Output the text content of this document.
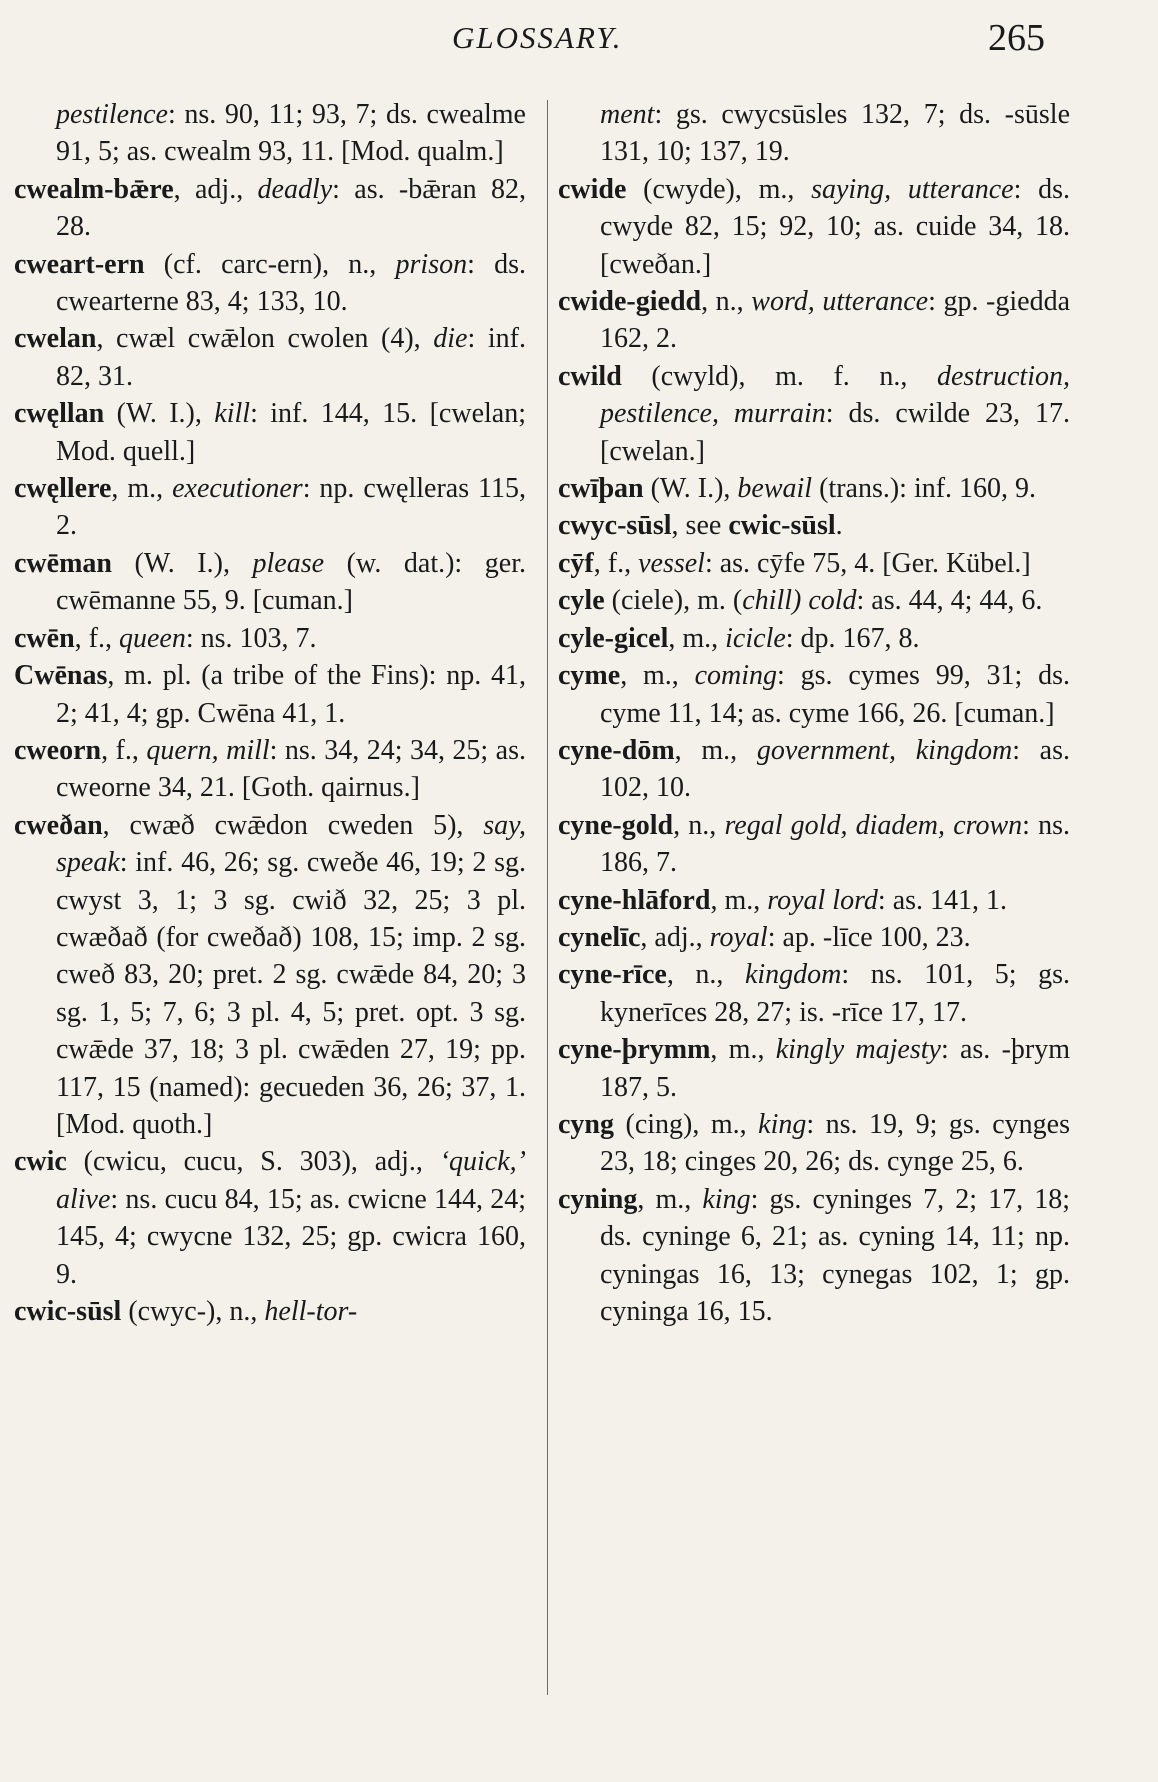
GLOSSARY.	265

pestilence: ns. 90, 11; 93, 7; ds. cwealme 91, 5; as. cwealm 93, 11. [Mod. qualm.]

cwealm-bǣre, adj., deadly: as. -bǣran 82, 28.

cweart-ern (cf. carc-ern), n., prison: ds. cwearterne 83, 4; 133, 10.

cwelan, cwæl cwǣlon cwolen (4), die: inf. 82, 31.

cwęllan (W. I.), kill: inf. 144, 15. [cwelan; Mod. quell.]

cwęllere, m., executioner: np. cwęlleras 115, 2.

cwēman (W. I.), please (w. dat.): ger. cwēmanne 55, 9. [cuman.]

cwēn, f., queen: ns. 103, 7.

Cwēnas, m. pl. (a tribe of the Fins): np. 41, 2; 41, 4; gp. Cwēna 41, 1.

cweorn, f., quern, mill: ns. 34, 24; 34, 25; as. cweorne 34, 21. [Goth. qairnus.]

cweðan, cwæð cwǣdon cweden 5), say, speak: inf. 46, 26; sg. cweðe 46, 19; 2 sg. cwyst 3, 1; 3 sg. cwið 32, 25; 3 pl. cwæðað (for cweðað) 108, 15; imp. 2 sg. cweð 83, 20; pret. 2 sg. cwǣde 84, 20; 3 sg. 1, 5; 7, 6; 3 pl. 4, 5; pret. opt. 3 sg. cwǣde 37, 18; 3 pl. cwǣden 27, 19; pp. 117, 15 (named): gecueden 36, 26; 37, 1. [Mod. quoth.]

cwic (cwicu, cucu, S. 303), adj., ‘quick,’ alive: ns. cucu 84, 15; as. cwicne 144, 24; 145, 4; cwycne 132, 25; gp. cwicra 160, 9.

cwic-sūsl (cwyc-), n., hell-tor-

ment: gs. cwycsūsles 132, 7; ds. -sūsle 131, 10; 137, 19.

cwide (cwyde), m., saying, utterance: ds. cwyde 82, 15; 92, 10; as. cuide 34, 18. [cweðan.]

cwide-giedd, n., word, utterance: gp. -giedda 162, 2.

cwild (cwyld), m. f. n., destruction, pestilence, murrain: ds. cwilde 23, 17. [cwelan.]

cwīþan (W. I.), bewail (trans.): inf. 160, 9.

cwyc-sūsl, see cwic-sūsl.

cȳf, f., vessel: as. cȳfe 75, 4. [Ger. Kübel.]

cyle (ciele), m. (chill) cold: as. 44, 4; 44, 6.

cyle-gicel, m., icicle: dp. 167, 8.

cyme, m., coming: gs. cymes 99, 31; ds. cyme 11, 14; as. cyme 166, 26. [cuman.]

cyne-dōm, m., government, kingdom: as. 102, 10.

cyne-gold, n., regal gold, diadem, crown: ns. 186, 7.

cyne-hlāford, m., royal lord: as. 141, 1.

cynelīc, adj., royal: ap. -līce 100, 23.

cyne-rīce, n., kingdom: ns. 101, 5; gs. kynerīces 28, 27; is. -rīce 17, 17.

cyne-þrymm, m., kingly majesty: as. -þrym 187, 5.

cyng (cing), m., king: ns. 19, 9; gs. cynges 23, 18; cinges 20, 26; ds. cynge 25, 6.

cyning, m., king: gs. cyninges 7, 2; 17, 18; ds. cyninge 6, 21; as. cyning 14, 11; np. cyningas 16, 13; cynegas 102, 1; gp. cyninga 16, 15.
